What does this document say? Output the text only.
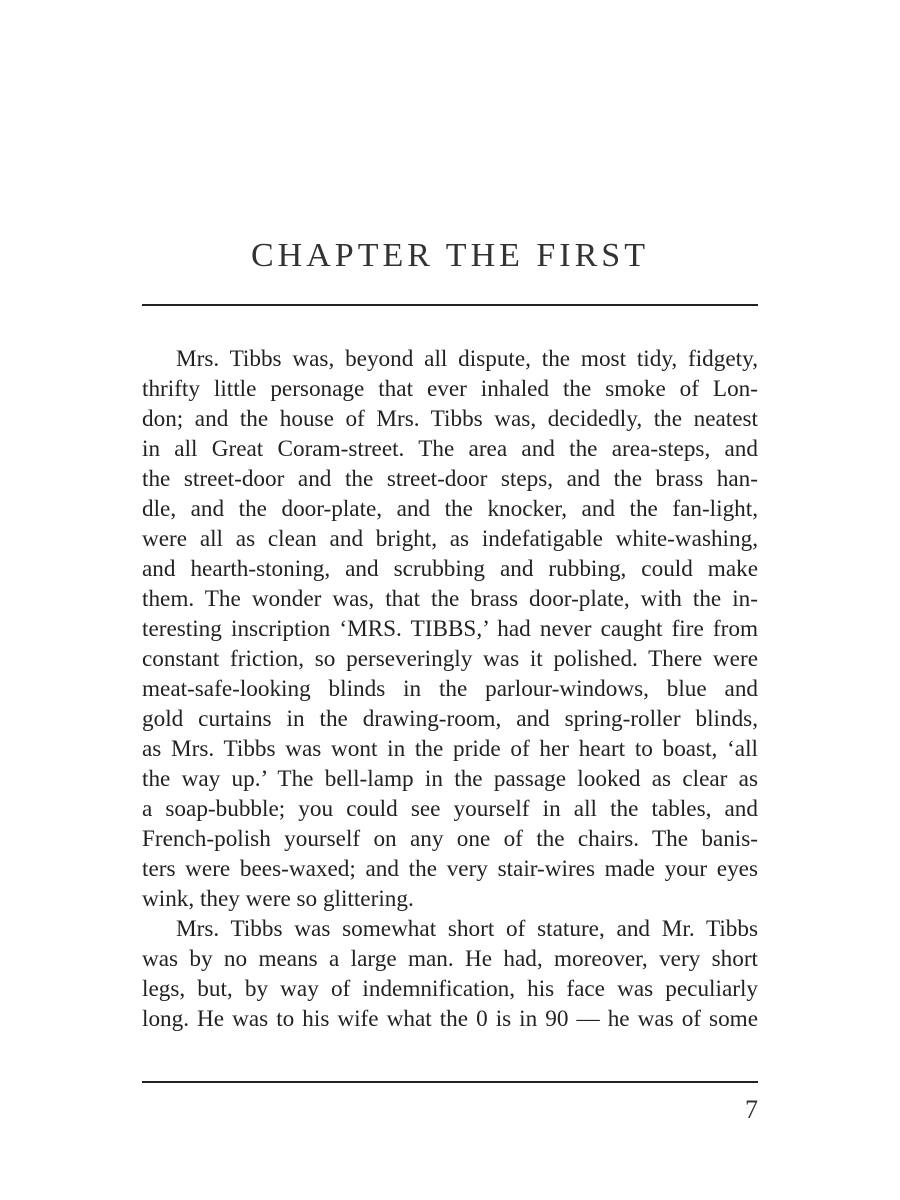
CHAPTER THE FIRST
Mrs. Tibbs was, beyond all dispute, the most tidy, fidgety,
thrifty little personage that ever inhaled the smoke of Lon-
don; and the house of Mrs. Tibbs was, decidedly, the neatest
in all Great Coram-street. The area and the area-steps, and
the street-door and the street-door steps, and the brass han-
dle, and the door-plate, and the knocker, and the fan-light,
were all as clean and bright, as indefatigable white-washing,
and hearth-stoning, and scrubbing and rubbing, could make
them. The wonder was, that the brass door-plate, with the in-
teresting inscription ‘MRS. TIBBS,’ had never caught fire from
constant friction, so perseveringly was it polished. There were
meat-safe-looking blinds in the parlour-windows, blue and
gold curtains in the drawing-room, and spring-roller blinds,
as Mrs. Tibbs was wont in the pride of her heart to boast, ‘all
the way up.’ The bell-lamp in the passage looked as clear as
a soap-bubble; you could see yourself in all the tables, and
French-polish yourself on any one of the chairs. The banis-
ters were bees-waxed; and the very stair-wires made your eyes
wink, they were so glittering.
Mrs. Tibbs was somewhat short of stature, and Mr. Tibbs
was by no means a large man. He had, moreover, very short
legs, but, by way of indemnification, his face was peculiarly
long. He was to his wife what the 0 is in 90 — he was of some
7
